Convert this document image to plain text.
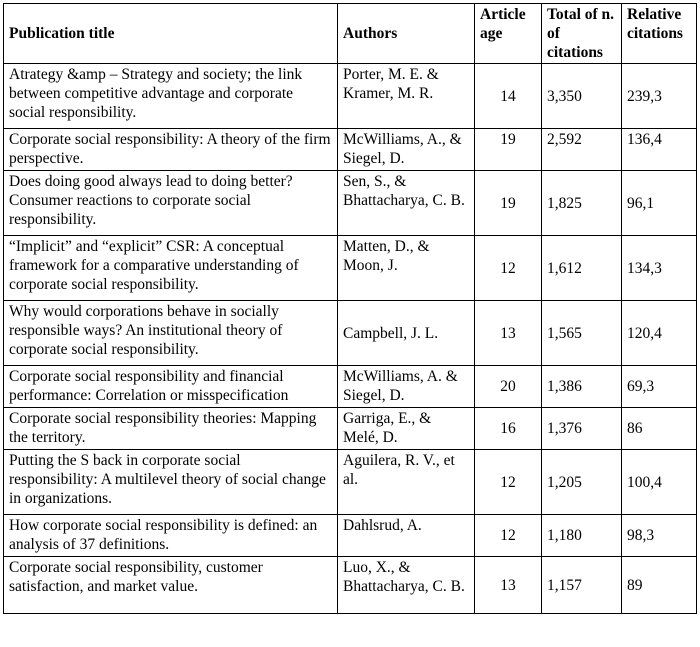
Publication title	Authors	Article age	Total of n. of citations	Relative citations
Atrategy &amp – Strategy and society; the link between competitive advantage and corporate social responsibility.	Porter, M. E. & Kramer, M. R.	14	3,350	239,3
Corporate social responsibility: A theory of the firm perspective.	McWilliams, A., & Siegel, D.	19	2,592	136,4
Does doing good always lead to doing better? Consumer reactions to corporate social responsibility.	Sen, S., & Bhattacharya, C. B.	19	1,825	96,1
“Implicit” and “explicit” CSR: A conceptual framework for a comparative understanding of corporate social responsibility.	Matten, D., & Moon, J.	12	1,612	134,3
Why would corporations behave in socially responsible ways? An institutional theory of corporate social responsibility.	Campbell, J. L.	13	1,565	120,4
Corporate social responsibility and financial performance: Correlation or misspecification	McWilliams, A. & Siegel, D.	20	1,386	69,3
Corporate social responsibility theories: Mapping the territory.	Garriga, E., & Melé, D.	16	1,376	86
Putting the S back in corporate social responsibility: A multilevel theory of social change in organizations.	Aguilera, R. V., et al.	12	1,205	100,4
How corporate social responsibility is defined: an analysis of 37 definitions.	Dahlsrud, A.	12	1,180	98,3
Corporate social responsibility, customer satisfaction, and market value.	Luo, X., & Bhattacharya, C. B.	13	1,157	89
